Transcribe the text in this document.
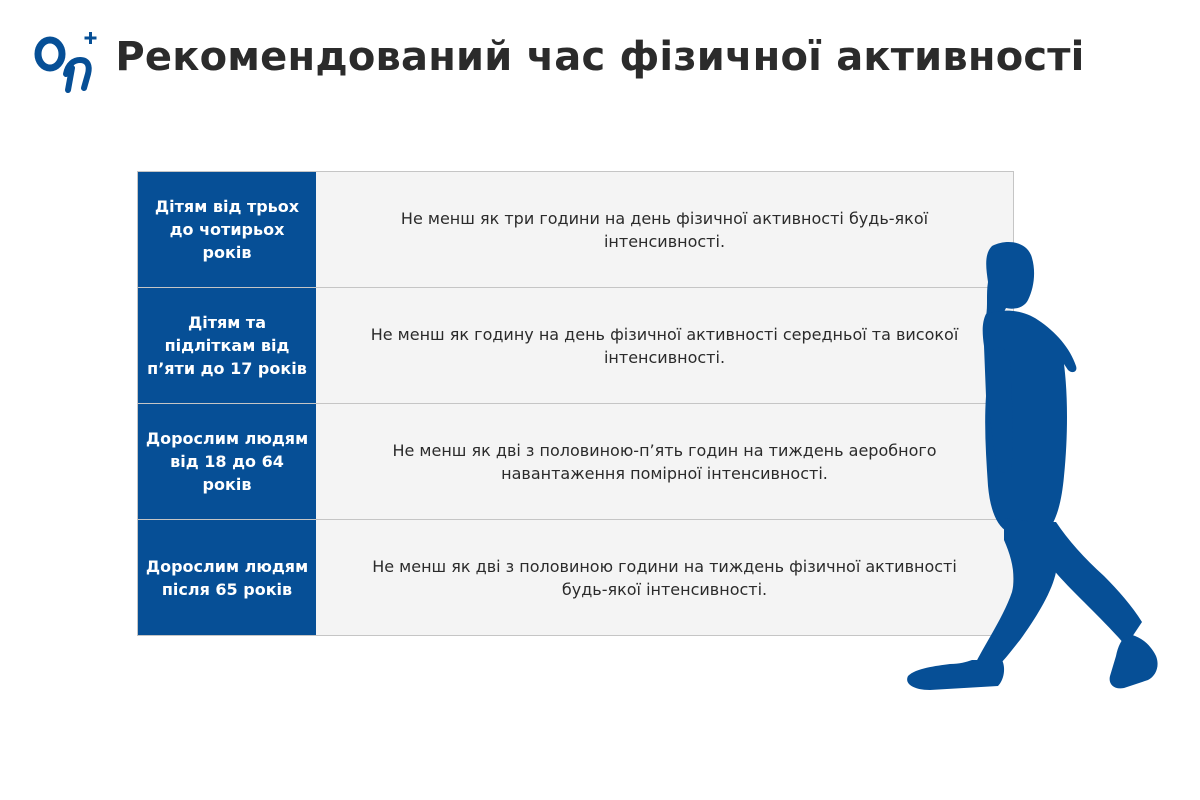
Рекомендований час фізичної активності
Дітям від трьох до чотирьох років
Не менш як три години на день фізичної активності будь-якої інтенсивності.
Дітям та підліткам від п’яти до 17 років
Не менш як годину на день фізичної активності середньої та високої інтенсивності.
Дорослим людям від 18 до 64 років
Не менш як дві з половиною-п’ять годин на тиждень аеробного навантаження помірної інтенсивності.
Дорослим людям після 65 років
Не менш як дві з половиною години на тиждень фізичної активності будь-якої інтенсивності.
